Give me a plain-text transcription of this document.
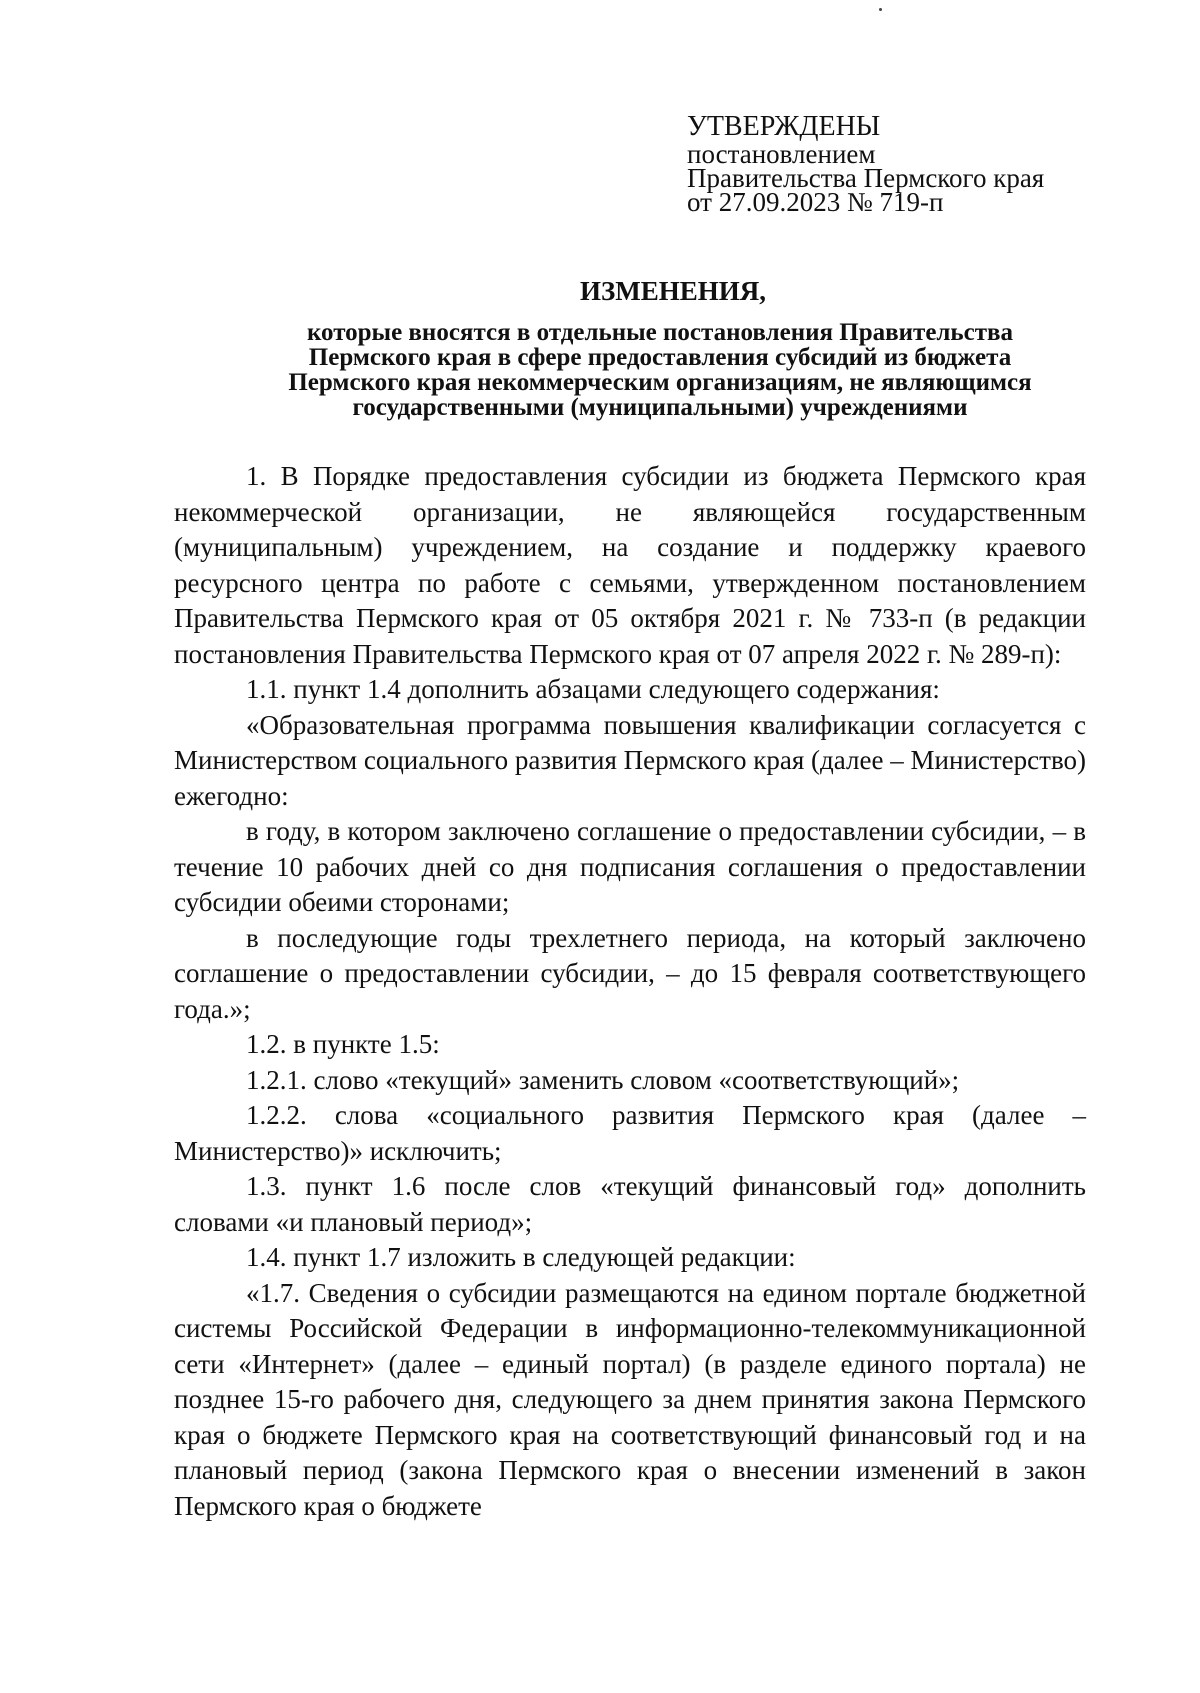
УТВЕРЖДЕНЫ
постановлением
Правительства Пермского края
от 27.09.2023 № 719-п
ИЗМЕНЕНИЯ,
которые вносятся в отдельные постановления Правительства
Пермского края в сфере предоставления субсидий из бюджета
Пермского края некоммерческим организациям, не являющимся
государственными (муниципальными) учреждениями

1. В Порядке предоставления субсидии из бюджета Пермского края некоммерческой организации, не являющейся государственным (муниципальным) учреждением, на создание и поддержку краевого ресурсного центра по работе с семьями, утвержденном постановлением Правительства Пермского края от 05 октября 2021 г. № 733-п (в редакции постановления Правительства Пермского края от 07 апреля 2022 г. № 289-п):

1.1. пункт 1.4 дополнить абзацами следующего содержания:

«Образовательная программа повышения квалификации согласуется с Министерством социального развития Пермского края (далее – Министерство) ежегодно:

в году, в котором заключено соглашение о предоставлении субсидии, – в течение 10 рабочих дней со дня подписания соглашения о предоставлении субсидии обеими сторонами;

в последующие годы трехлетнего периода, на который заключено соглашение о предоставлении субсидии, – до 15 февраля соответствующего года.»;

1.2. в пункте 1.5:

1.2.1. слово «текущий» заменить словом «соответствующий»;

1.2.2. слова «социального развития Пермского края (далее – Министерство)» исключить;

1.3. пункт 1.6 после слов «текущий финансовый год» дополнить словами «и плановый период»;

1.4. пункт 1.7 изложить в следующей редакции:

«1.7. Сведения о субсидии размещаются на едином портале бюджетной системы Российской Федерации в информационно-телекоммуникационной сети «Интернет» (далее – единый портал) (в разделе единого портала) не позднее 15-го рабочего дня, следующего за днем принятия закона Пермского края о бюджете Пермского края на соответствующий финансовый год и на плановый период (закона Пермского края о внесении изменений в закон Пермского края о бюджете
